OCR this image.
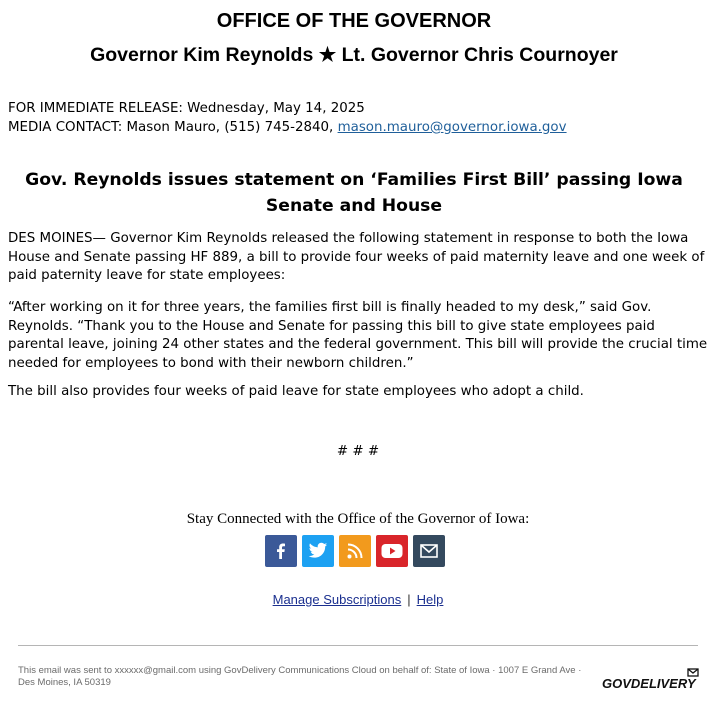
OFFICE OF THE GOVERNOR
Governor Kim Reynolds ★ Lt. Governor Chris Cournoyer
FOR IMMEDIATE RELEASE: Wednesday, May 14, 2025
MEDIA CONTACT: Mason Mauro, (515) 745-2840, mason.mauro@governor.iowa.gov
Gov. Reynolds issues statement on ‘Families First Bill’ passing Iowa Senate and House
DES MOINES— Governor Kim Reynolds released the following statement in response to both the Iowa House and Senate passing HF 889, a bill to provide four weeks of paid maternity leave and one week of paid paternity leave for state employees:
“After working on it for three years, the families first bill is finally headed to my desk,” said Gov. Reynolds. “Thank you to the House and Senate for passing this bill to give state employees paid parental leave, joining 24 other states and the federal government. This bill will provide the crucial time needed for employees to bond with their newborn children.”
The bill also provides four weeks of paid leave for state employees who adopt a child.
# # #
Stay Connected with the Office of the Governor of Iowa:
Manage Subscriptions | Help
This email was sent to xxxxxx@gmail.com using GovDelivery Communications Cloud on behalf of: State of Iowa · 1007 E Grand Ave · Des Moines, IA 50319	GOVDELIVERY
